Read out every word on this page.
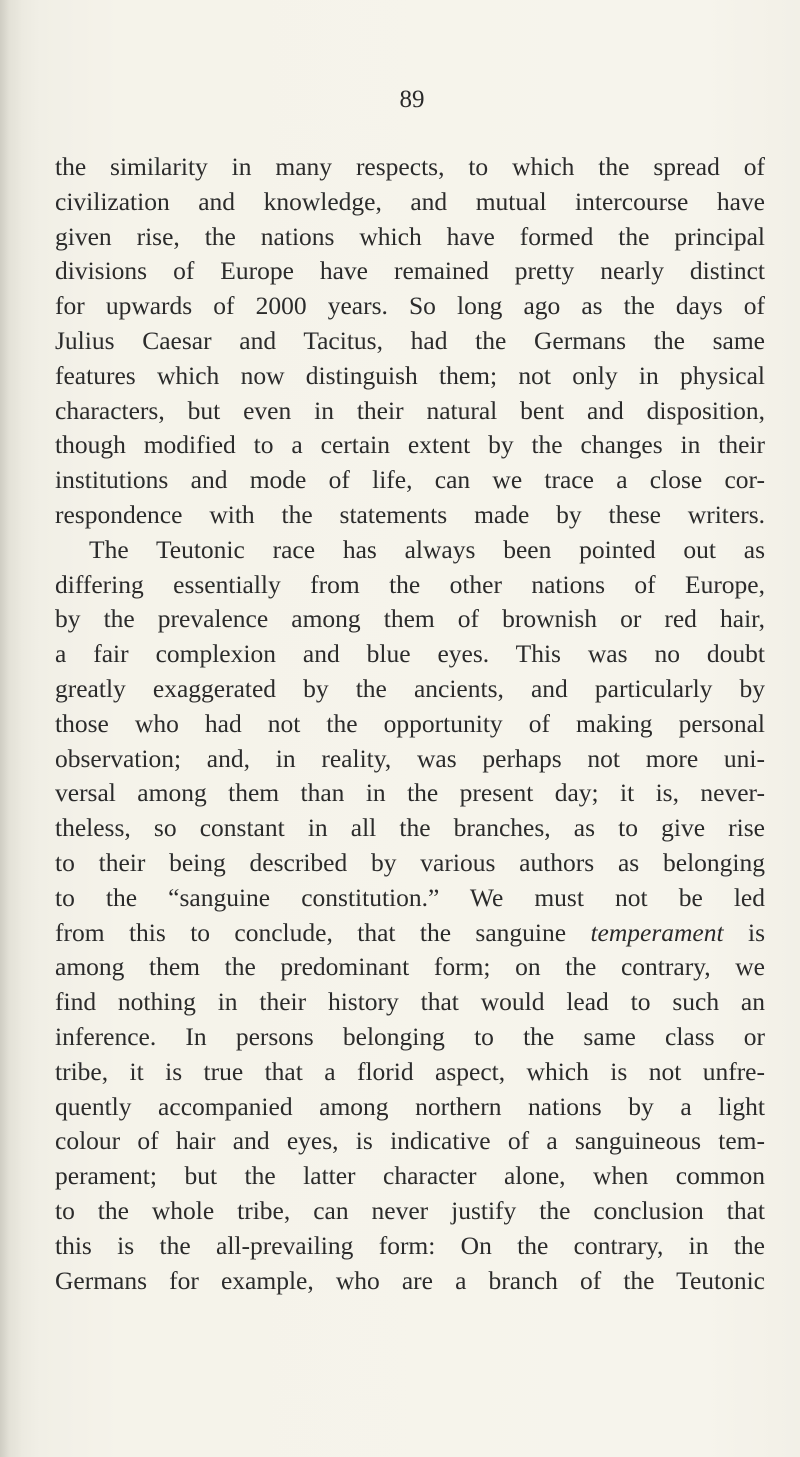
89
the similarity in many respects, to which the spread of
civilization and knowledge, and mutual intercourse have
given rise, the nations which have formed the principal
divisions of Europe have remained pretty nearly distinct
for upwards of 2000 years. So long ago as the days of
Julius Caesar and Tacitus, had the Germans the same
features which now distinguish them; not only in physical
characters, but even in their natural bent and disposition,
though modified to a certain extent by the changes in their
institutions and mode of life, can we trace a close cor-
respondence with the statements made by these writers.
The Teutonic race has always been pointed out as
differing essentially from the other nations of Europe,
by the prevalence among them of brownish or red hair,
a fair complexion and blue eyes. This was no doubt
greatly exaggerated by the ancients, and particularly by
those who had not the opportunity of making personal
observation; and, in reality, was perhaps not more uni-
versal among them than in the present day; it is, never-
theless, so constant in all the branches, as to give rise
to their being described by various authors as belonging
to the “sanguine constitution.” We must not be led
from this to conclude, that the sanguine temperament is
among them the predominant form; on the contrary, we
find nothing in their history that would lead to such an
inference. In persons belonging to the same class or
tribe, it is true that a florid aspect, which is not unfre-
quently accompanied among northern nations by a light
colour of hair and eyes, is indicative of a sanguineous tem-
perament; but the latter character alone, when common
to the whole tribe, can never justify the conclusion that
this is the all-prevailing form: On the contrary, in the
Germans for example, who are a branch of the Teutonic
